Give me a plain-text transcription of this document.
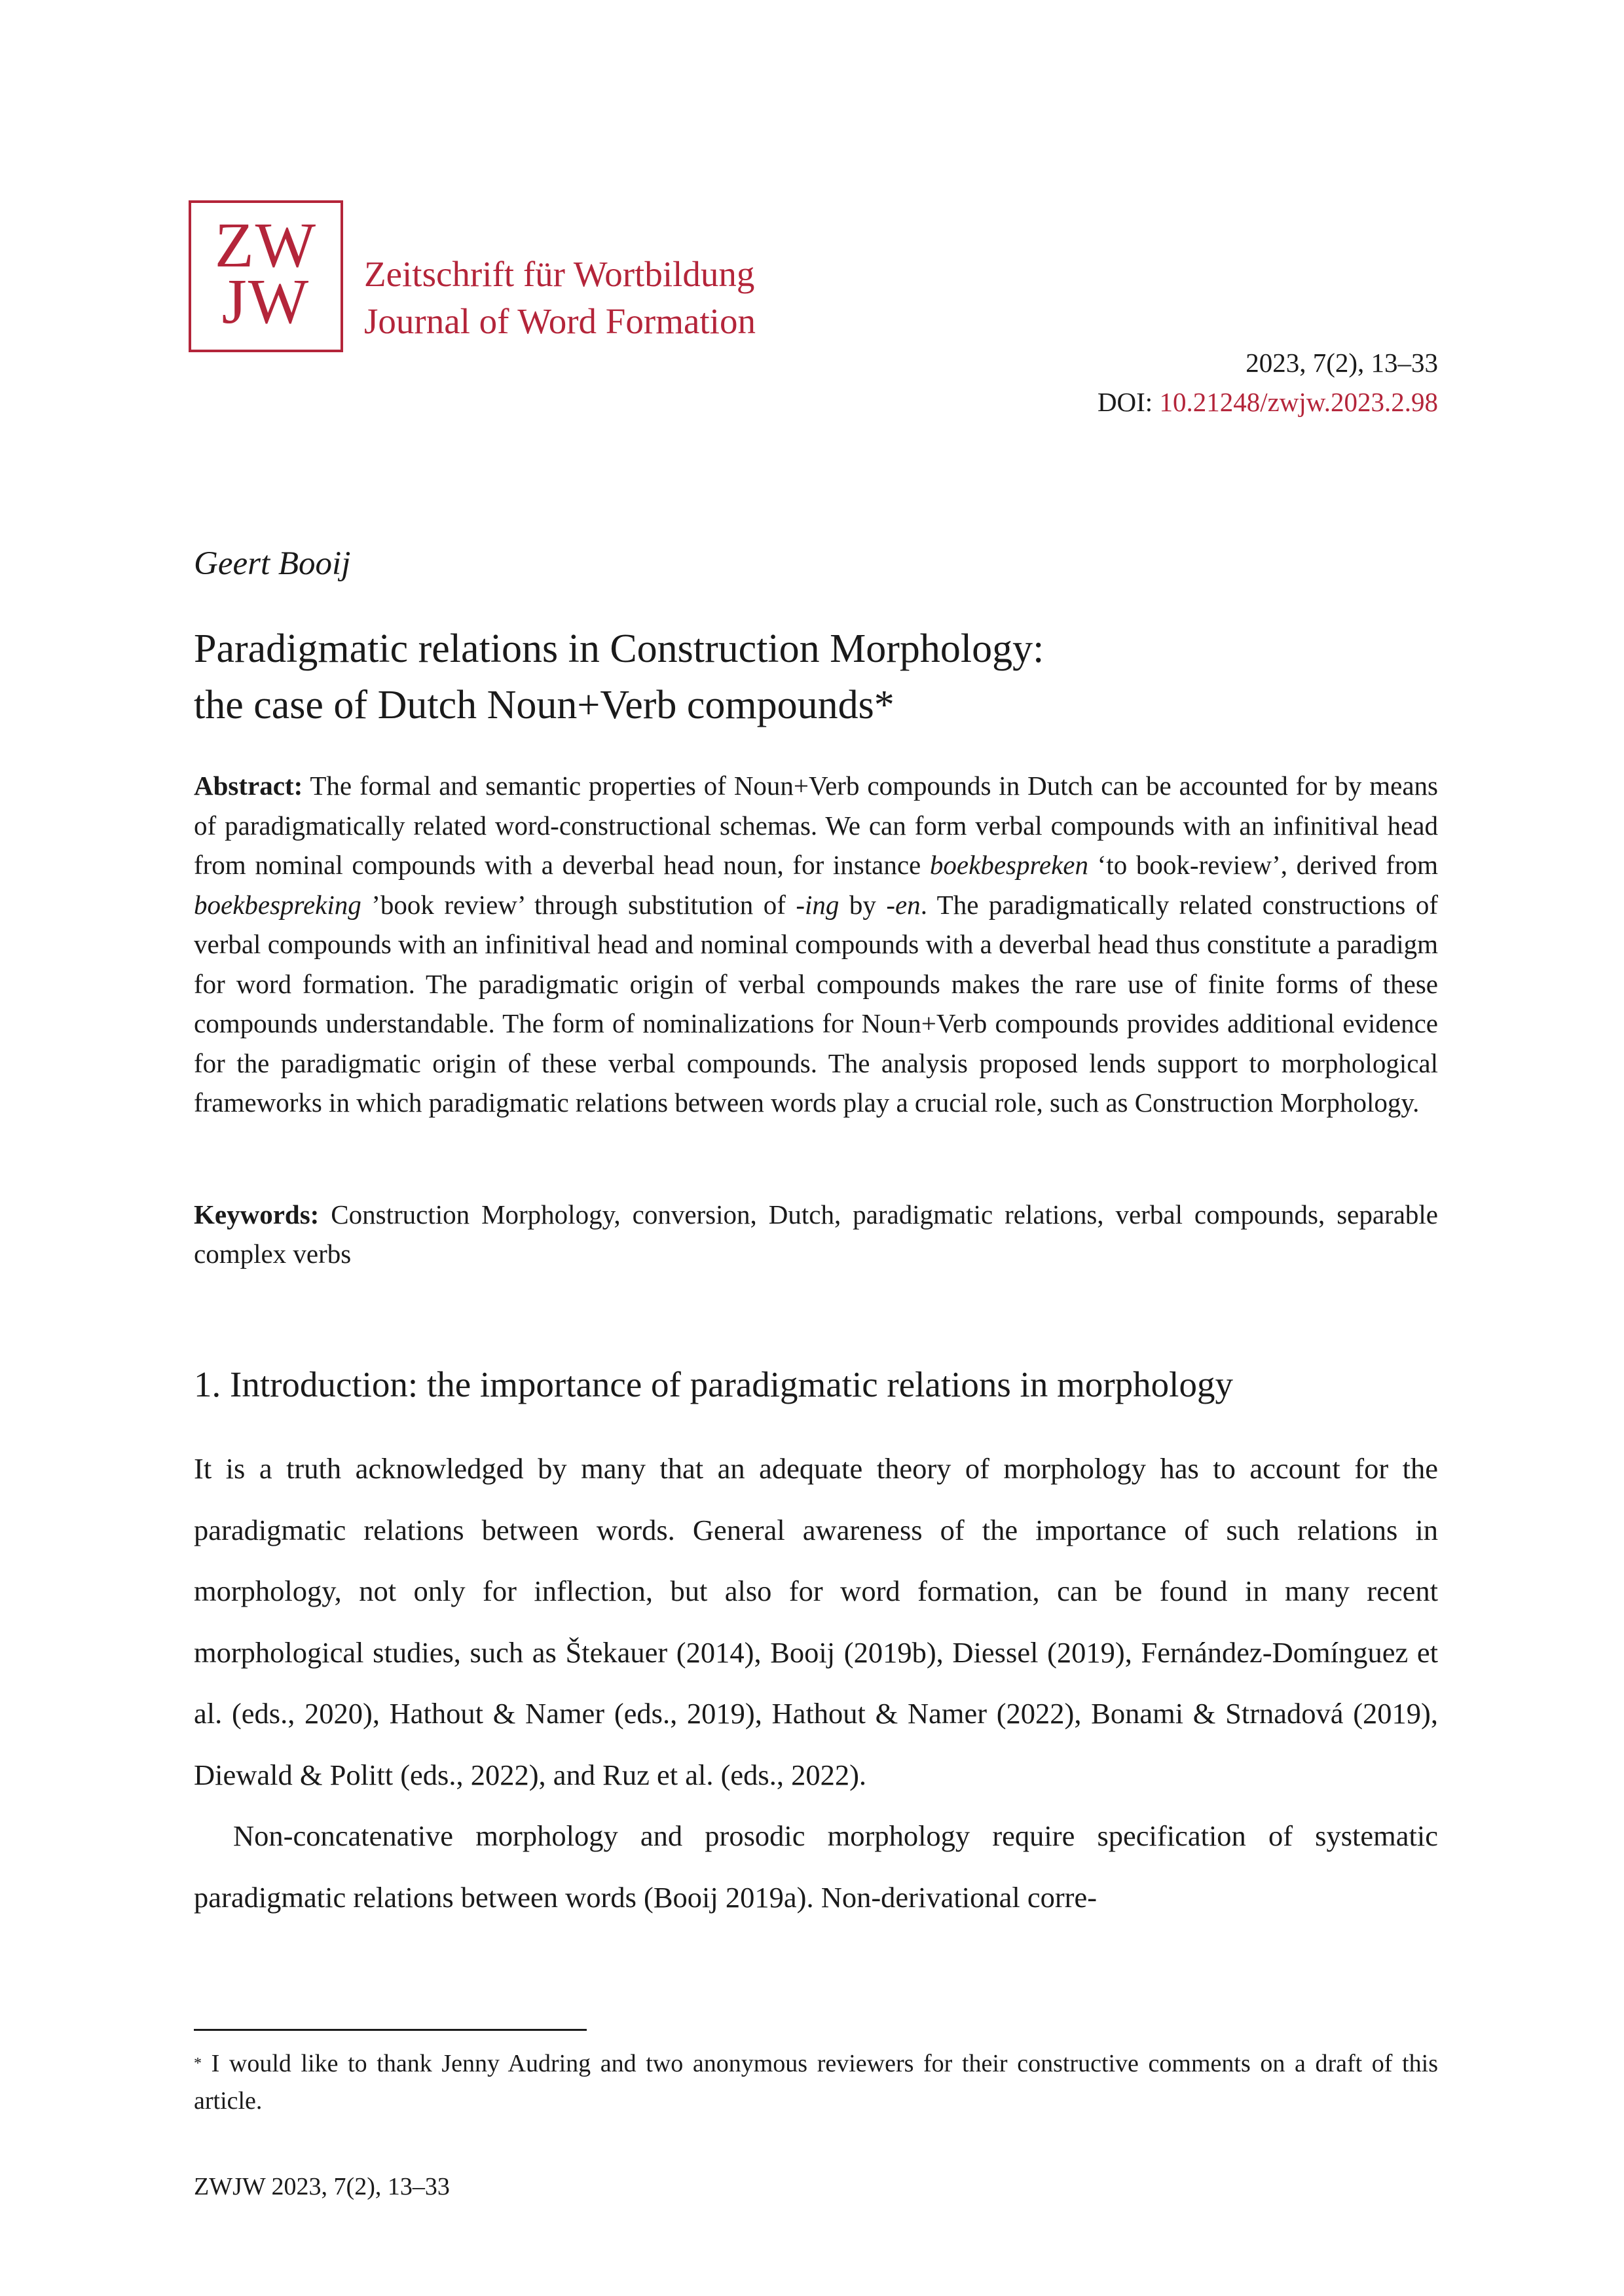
ZW
JW	Zeitschrift für Wortbildung
Journal of Word Formation
2023, 7(2), 13–33
DOI: 10.21248/zwjw.2023.2.98
Geert Booij
Paradigmatic relations in Construction Morphology:
the case of Dutch Noun+Verb compounds*
Abstract: The formal and semantic properties of Noun+Verb compounds in Dutch can be accounted for by means of paradigmatically related word-constructional schemas. We can form verbal compounds with an infinitival head from nominal compounds with a deverbal head noun, for instance boekbespreken ‘to book-review’, derived from boekbespreking ’book review’ through substitution of -ing by -en. The paradigmatically related constructions of verbal compounds with an infinitival head and nominal compounds with a deverbal head thus constitute a paradigm for word formation. The paradigmatic origin of verbal compounds makes the rare use of finite forms of these compounds understandable. The form of nominalizations for Noun+Verb compounds provides additional evidence for the paradigmatic origin of these verbal compounds. The analysis proposed lends support to morphological frameworks in which paradigmatic relations between words play a crucial role, such as Construction Morphology.
Keywords: Construction Morphology, conversion, Dutch, paradigmatic relations, verbal compounds, separable complex verbs
1. Introduction: the importance of paradigmatic relations in morphology

It is a truth acknowledged by many that an adequate theory of morphology has to account for the paradigmatic relations between words. General awareness of the importance of such relations in morphology, not only for inflection, but also for word formation, can be found in many recent morphological studies, such as Štekauer (2014), Booij (2019b), Diessel (2019), Fernández-Domínguez et al. (eds., 2020), Hathout & Namer (eds., 2019), Hathout & Namer (2022), Bonami & Strnadová (2019), Diewald & Politt (eds., 2022), and Ruz et al. (eds., 2022).

Non-concatenative morphology and prosodic morphology require specification of systematic paradigmatic relations between words (Booij 2019a). Non-derivational corre-

* I would like to thank Jenny Audring and two anonymous reviewers for their constructive comments on a draft of this article.
ZWJW 2023, 7(2), 13–33
